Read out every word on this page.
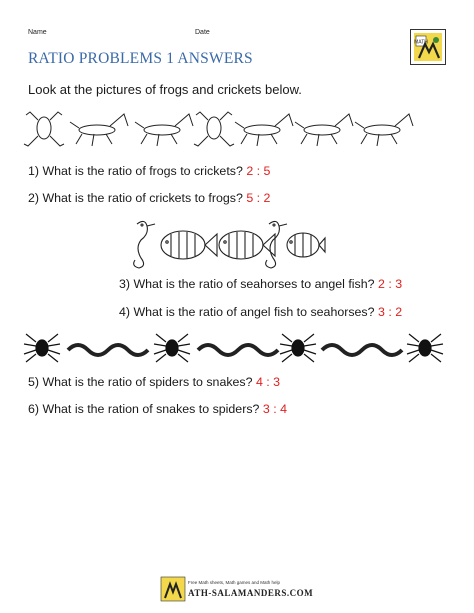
Name	Date
MATH
RATIO PROBLEMS 1 ANSWERS
Look at the pictures of frogs and crickets below.
1) What is the ratio of frogs to crickets? 2 : 5
2) What is the ratio of crickets to frogs? 5 : 2
3) What is the ratio of seahorses to angel fish? 2 : 3
4) What is the ratio of angel fish to seahorses? 3 : 2
5) What is the ratio of spiders to snakes? 4 : 3
6) What is the ration of snakes to spiders? 3 : 4
Free Math sheets, Math games and Math help
ATH-SALAMANDERS.COM
